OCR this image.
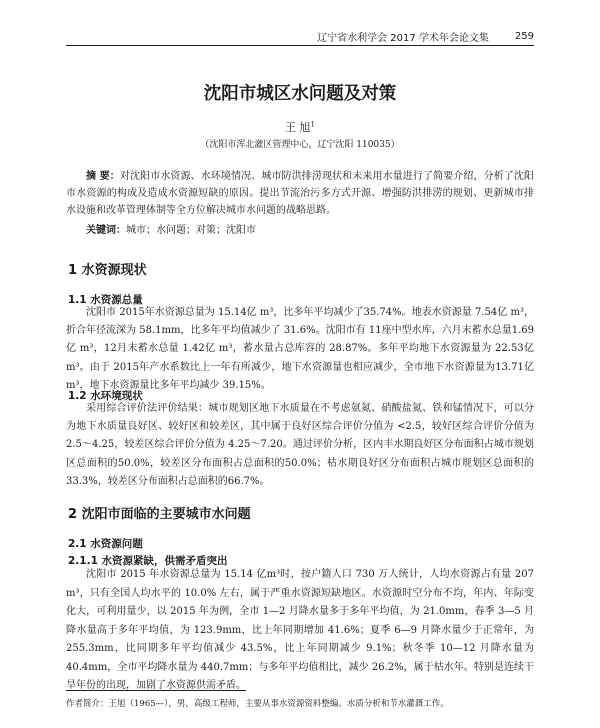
辽宁省水利学会 2017 学术年会论文集	259
沈阳市城区水问题及对策
王 旭$^1$
（沈阳市浑北灌区管理中心，辽宁沈阳 110035）
摘 要：对沈阳市水资源、水环境情况、城市防洪排涝现状和未来用水量进行了简要介绍，分析了沈阳市水资源的构成及造成水资源短缺的原因。提出节流治污多方式开源、增强防洪排涝的规划、更新城市排水设施和改革管理体制等全方位解决城市水问题的战略思路。
关键词：城市；水问题；对策；沈阳市
1 水资源现状
1.1 水资源总量
沈阳市 2015年水资源总量为 15.14亿 m³，比多年平均减少了35.74%。地表水资源量 7.54亿 m³，折合年径流深为 58.1mm，比多年平均值减少了 31.6%。沈阳市有 11座中型水库，六月末蓄水总量1.69亿 m³，12月末蓄水总量 1.42亿 m³，蓄水量占总库容的 28.87%。多年平均地下水资源量为 22.53亿 m³。由于 2015年产水系数比上一年有所减少，地下水资源量也相应减少，全市地下水资源量为13.71亿 m³，地下水资源量比多年平均减少 39.15%。
1.2 水环境现状
采用综合评价法评价结果：城市规划区地下水质量在不考虑氨氮、硝酸盐氮、铁和锰情况下，可以分为地下水质量良好区、较好区和较差区，其中属于良好区综合评价分值为 <2.5，较好区综合评价分值为 2.5～4.25，较差区综合评价分值为 4.25～7.20。通过评价分析，区内丰水期良好区分布面积占城市规划区总面积的50.0%，较差区分布面积占总面积的50.0%；枯水期良好区分布面积占城市规划区总面积的33.3%，较差区分布面积占总面积的66.7%。
2 沈阳市面临的主要城市水问题
2.1 水资源问题
2.1.1 水资源紧缺，供需矛盾突出
沈阳市 2015 年水资源总量为 15.14 亿m³时，按户籍人口 730 万人统计，人均水资源占有量 207 m³，只有全国人均水平的 10.0% 左右，属于严重水资源短缺地区。水资源时空分布不均，年内、年际变化大，可利用量少，以 2015 年为例，全市 1—2 月降水量多于多年平均值，为 21.0mm，春季 3—5 月降水量高于多年平均值，为 123.9mm，比上年同期增加 41.6%；夏季 6—9 月降水量少于正常年，为 255.3mm，比同期多年平均值减少 43.5%，比上年同期减少 9.1%；秋冬季 10—12 月降水量为 40.4mm，全市平均降水量为 440.7mm；与多年平均值相比，减少 26.2%，属于枯水年。特别是连续干旱年份的出现，加剧了水资源供需矛盾。
作者简介：王旭（1965—），男，高级工程师，主要从事水资源资料整编、水质分析和节水灌溉工作。
